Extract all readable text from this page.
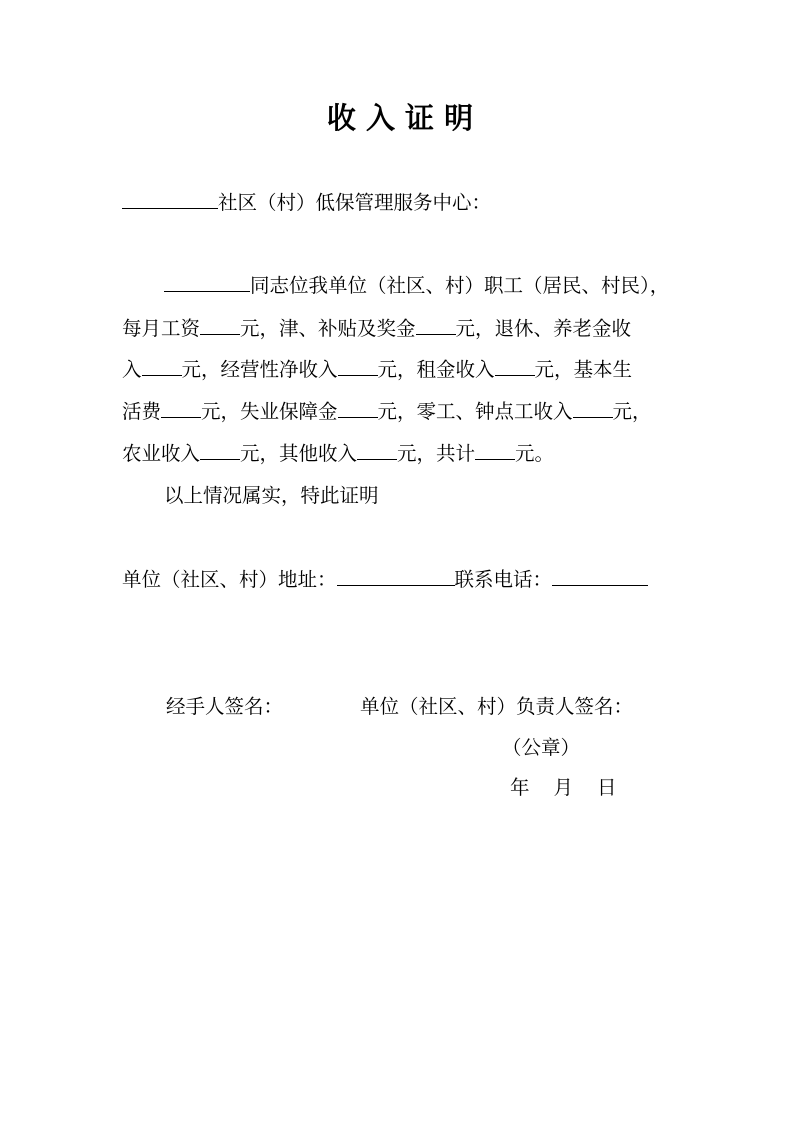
收 入 证 明
社区（村）低保管理服务中心：
同志位我单位（社区、村）职工（居民、村民），
每月工资 元，津、补贴及奖金 元，退休、养老金收
入 元，经营性净收入 元，租金收入 元，基本生
活费 元，失业保障金 元，零工、钟点工收入 元，
农业收入 元，其他收入 元，共计 元。
以上情况属实，特此证明
单位（社区、村）地址：	联系电话：
经手人签名：	单位（社区、村）负责人签名：
（公章）
年 月 日
